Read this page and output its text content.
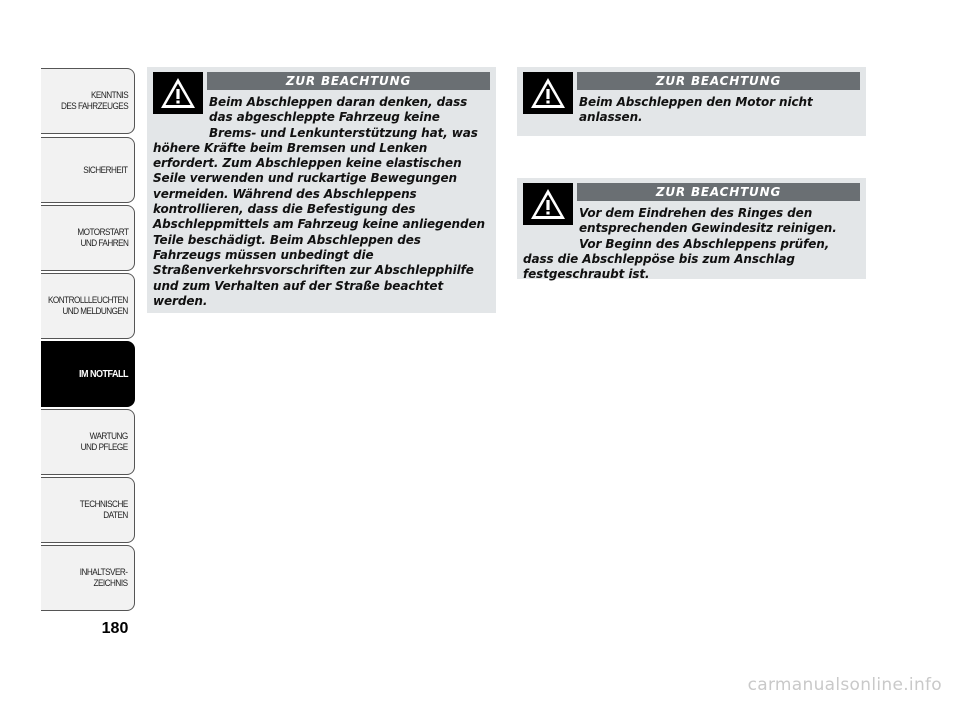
KENNTNIS
DES FAHRZEUGES
SICHERHEIT
MOTORSTART
UND FAHREN
KONTROLLLEUCHTEN
UND MELDUNGEN
IM NOTFALL
WARTUNG
UND PFLEGE
TECHNISCHE
DATEN
INHALTSVER-
ZEICHNIS
180
ZUR BEACHTUNG
Beim Abschleppen daran denken, dass das abgeschleppte Fahrzeug keine Brems- und Lenkunterstützung hat, was höhere Kräfte beim Bremsen und Lenken erfordert. Zum Abschleppen keine elastischen Seile verwenden und ruckartige Bewegungen vermeiden. Während des Abschleppens kontrollieren, dass die Befestigung des Abschleppmittels am Fahrzeug keine anliegenden Teile beschädigt. Beim Abschleppen des Fahrzeugs müssen unbedingt die Straßenverkehrsvorschriften zur Abschlepphilfe und zum Verhalten auf der Straße beachtet werden.
ZUR BEACHTUNG
Beim Abschleppen den Motor nicht anlassen.
ZUR BEACHTUNG
Vor dem Eindrehen des Ringes den entsprechenden Gewindesitz reinigen. Vor Beginn des Abschleppens prüfen, dass die Abschleppöse bis zum Anschlag festgeschraubt ist.
carmanualsonline.info
